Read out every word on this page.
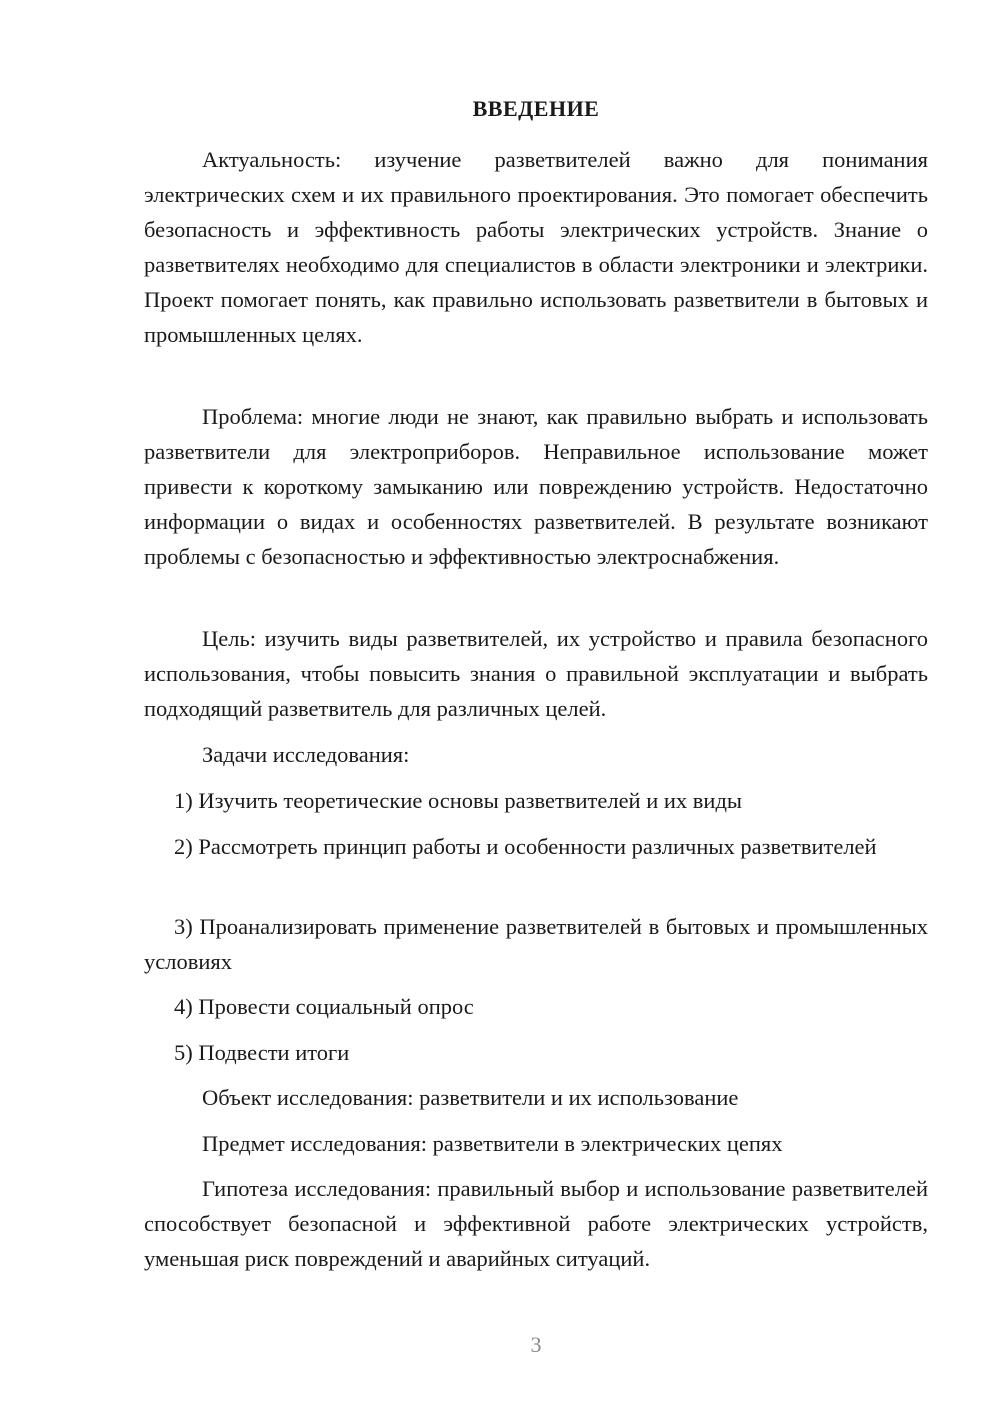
ВВЕДЕНИЕ

Актуальность: изучение разветвителей важно для понимания электрических схем и их правильного проектирования. Это помогает обеспечить безопасность и эффективность работы электрических устройств. Знание о разветвителях необходимо для специалистов в области электроники и электрики. Проект помогает понять, как правильно использовать разветвители в бытовых и промышленных целях.

Проблема: многие люди не знают, как правильно выбрать и использовать разветвители для электроприборов. Неправильное использование может привести к короткому замыканию или повреждению устройств. Недостаточно информации о видах и особенностях разветвителей. В результате возникают проблемы с безопасностью и эффективностью электроснабжения.

Цель: изучить виды разветвителей, их устройство и правила безопасного использования, чтобы повысить знания о правильной эксплуатации и выбрать подходящий разветвитель для различных целей.

Задачи исследования:

1) Изучить теоретические основы разветвителей и их виды

2) Рассмотреть принцип работы и особенности различных разветвителей

3) Проанализировать применение разветвителей в бытовых и промышленных условиях

4) Провести социальный опрос

5) Подвести итоги

Объект исследования: разветвители и их использование

Предмет исследования: разветвители в электрических цепях

Гипотеза исследования: правильный выбор и использование разветвителей способствует безопасной и эффективной работе электрических устройств, уменьшая риск повреждений и аварийных ситуаций.

3
